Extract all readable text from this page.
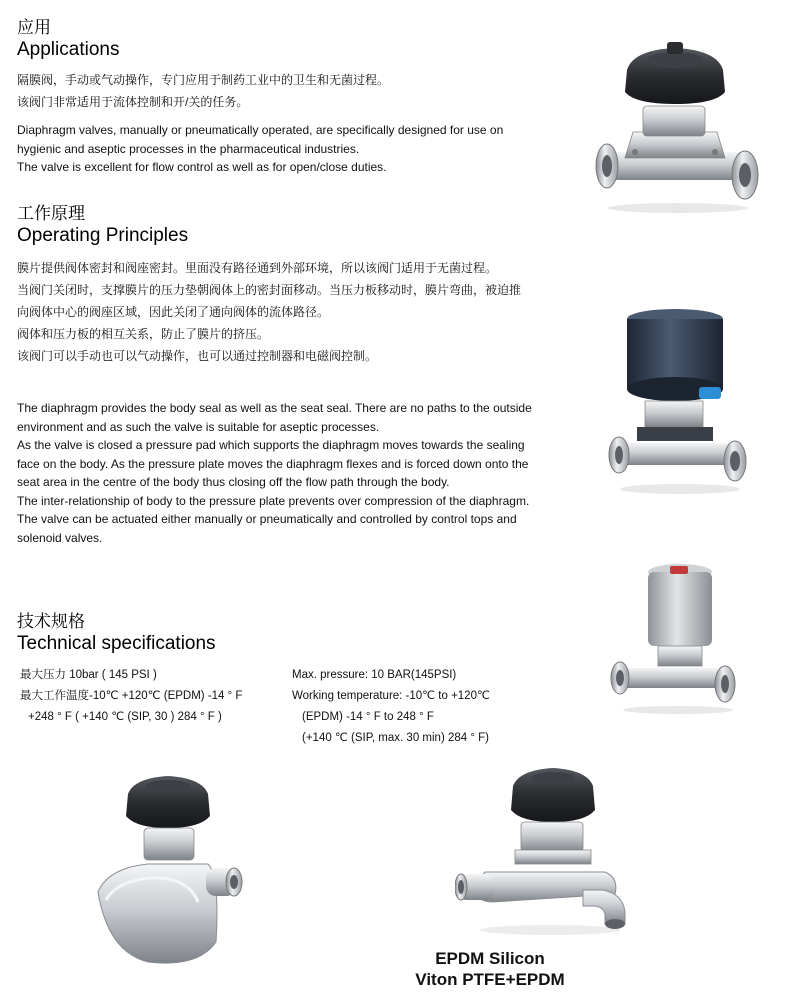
应用
Applications
隔膜阀，手动或气动操作，专门应用于制药工业中的卫生和无菌过程。
该阀门非常适用于流体控制和开/关的任务。
Diaphragm valves, manually or pneumatically operated, are specifically designed for use on
hygienic and aseptic processes in the pharmaceutical industries.
The valve is excellent for flow control as well as for open/close duties.
工作原理
Operating Principles
膜片提供阀体密封和阀座密封。里面没有路径通到外部环境，所以该阀门适用于无菌过程。
当阀门关闭时，支撑膜片的压力垫朝阀体上的密封面移动。当压力板移动时，膜片弯曲，被迫推
向阀体中心的阀座区域，因此关闭了通向阀体的流体路径。
阀体和压力板的相互关系，防止了膜片的挤压。
该阀门可以手动也可以气动操作，也可以通过控制器和电磁阀控制。
The diaphragm provides the body seal as well as the seat seal. There are no paths to the outside
environment and as such the valve is suitable for aseptic processes.
As the valve is closed a pressure pad which supports the diaphragm moves towards the sealing
face on the body. As the pressure plate moves the diaphragm flexes and is forced down onto the
seat area in the centre of the body thus closing off the flow path through the body.
The inter-relationship of body to the pressure plate prevents over compression of the diaphragm.
The valve can be actuated either manually or pneumatically and controlled by control tops and
solenoid valves.
技术规格
Technical specifications
最大压力 10bar ( 145 PSI )
最大工作温度-10℃ +120℃ (EPDM) -14 ° F
+248 ° F ( +140 ℃ (SIP, 30 ) 284 ° F )
Max. pressure: 10 BAR(145PSI)
Working temperature: -10℃ to +120℃
(EPDM) -14 ° F to 248 ° F
(+140 ℃ (SIP, max. 30 min) 284 ° F)
EPDM Silicon
Viton PTFE+EPDM
